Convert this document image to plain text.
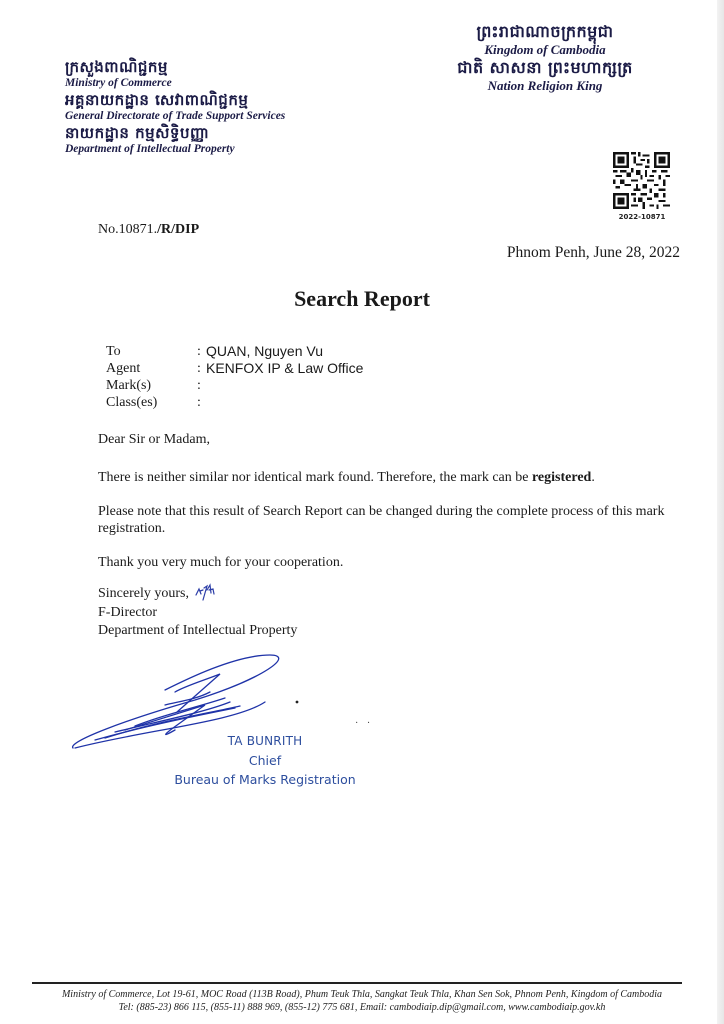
ក្រសួងពាណិជ្ជកម្ម
Ministry of Commerce
អគ្គនាយកដ្ឋាន សេវាពាណិជ្ជកម្ម
General Directorate of Trade Support Services
នាយកដ្ឋាន កម្មសិទ្ធិបញ្ញា
Department of Intellectual Property
ព្រះរាជាណាចក្រកម្ពុជា
Kingdom of Cambodia
ជាតិ សាសនា ព្រះមហាក្សត្រ
Nation Religion King
2022-10871
No.10871./R/DIP
Phnom Penh, June 28, 2022
Search Report
To	: QUAN, Nguyen Vu
Agent	: KENFOX IP & Law Office
Mark(s)	:
Class(es)	:
Dear Sir or Madam,
There is neither similar nor identical mark found. Therefore, the mark can be registered.
Please note that this result of Search Report can be changed during the complete process of this mark registration.
Thank you very much for your cooperation.
Sincerely yours,
F-Director
Department of Intellectual Property
· ·
TA BUNRITH
Chief
Bureau of Marks Registration
Ministry of Commerce, Lot 19-61, MOC Road (113B Road), Phum Teuk Thla, Sangkat Teuk Thla, Khan Sen Sok, Phnom Penh, Kingdom of Cambodia
Tel: (885-23) 866 115, (855-11) 888 969, (855-12) 775 681, Email: cambodiaip.dip@gmail.com, www.cambodiaip.gov.kh
